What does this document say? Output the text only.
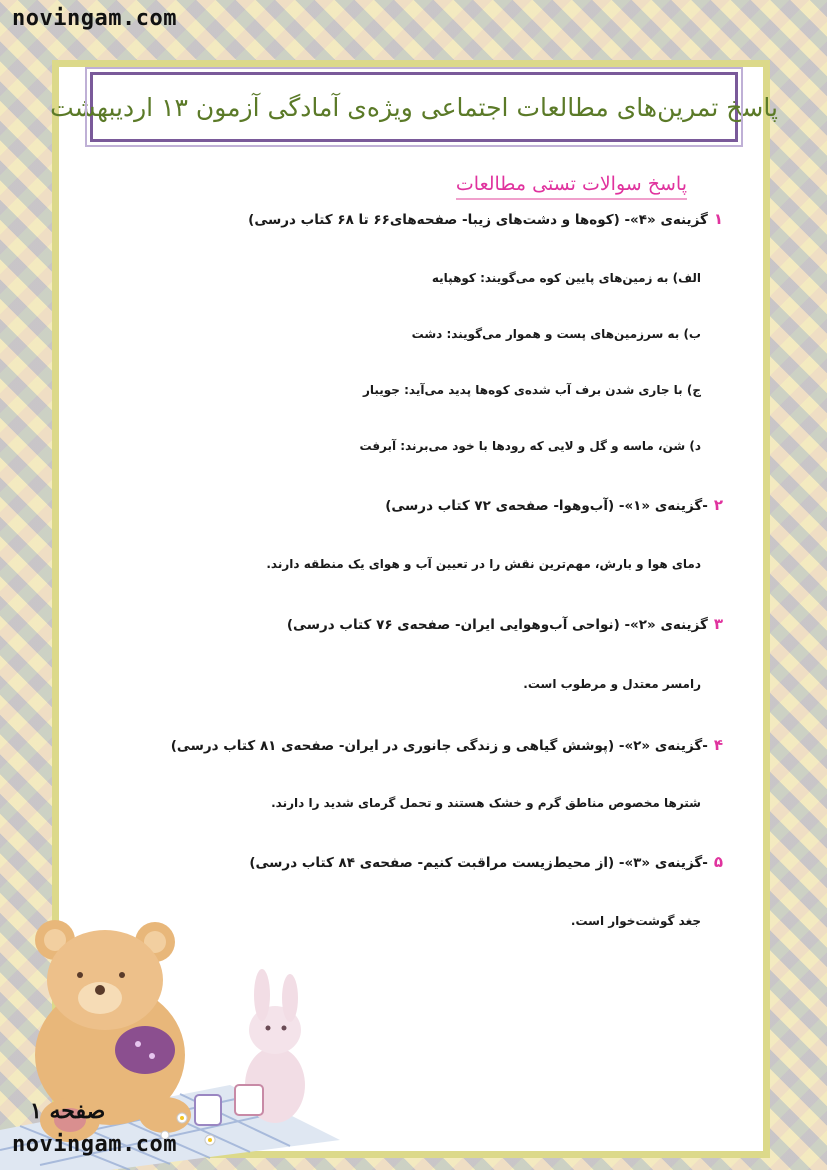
novingam.com
پاسخ تمرین‌های مطالعات اجتماعی ویژه‌ی آمادگی آزمون ۱۳ اردیبهشت
پاسخ سوالات تستی مطالعات
۱گزینه‌ی «۴»- (کوه‌ها و دشت‌های زیبا- صفحه‌های۶۶ تا ۶۸ کتاب درسی)
الف) به زمین‌های پایین کوه می‌گویند: کوهپایه
ب) به سرزمین‌های پست و هموار می‌گویند: دشت
ج) با جاری شدن برف آب شده‌ی کوه‌ها پدید می‌آید: جویبار
د) شن، ماسه و گل و لایی که رودها با خود می‌برند: آبرفت
۲-گزینه‌ی «۱»- (آب‌وهوا- صفحه‌ی ۷۲ کتاب درسی)
دمای هوا و بارش، مهم‌ترین نقش را در تعیین آب و هوای یک منطقه دارند.
۳گزینه‌ی «۲»- (نواحی آب‌وهوایی ایران- صفحه‌ی ۷۶ کتاب درسی)
رامسر معتدل و مرطوب است.
۴-گزینه‌ی «۲»- (پوشش گیاهی و زندگی جانوری در ایران- صفحه‌ی ۸۱ کتاب درسی)
شترها مخصوص مناطق گرم و خشک هستند و تحمل گرمای شدید را دارند.
۵-گزینه‌ی «۳»- (از محیط‌زیست مراقبت کنیم- صفحه‌ی ۸۴ کتاب درسی)
جغد گوشت‌خوار است.
صفحه ۱
novingam.com
